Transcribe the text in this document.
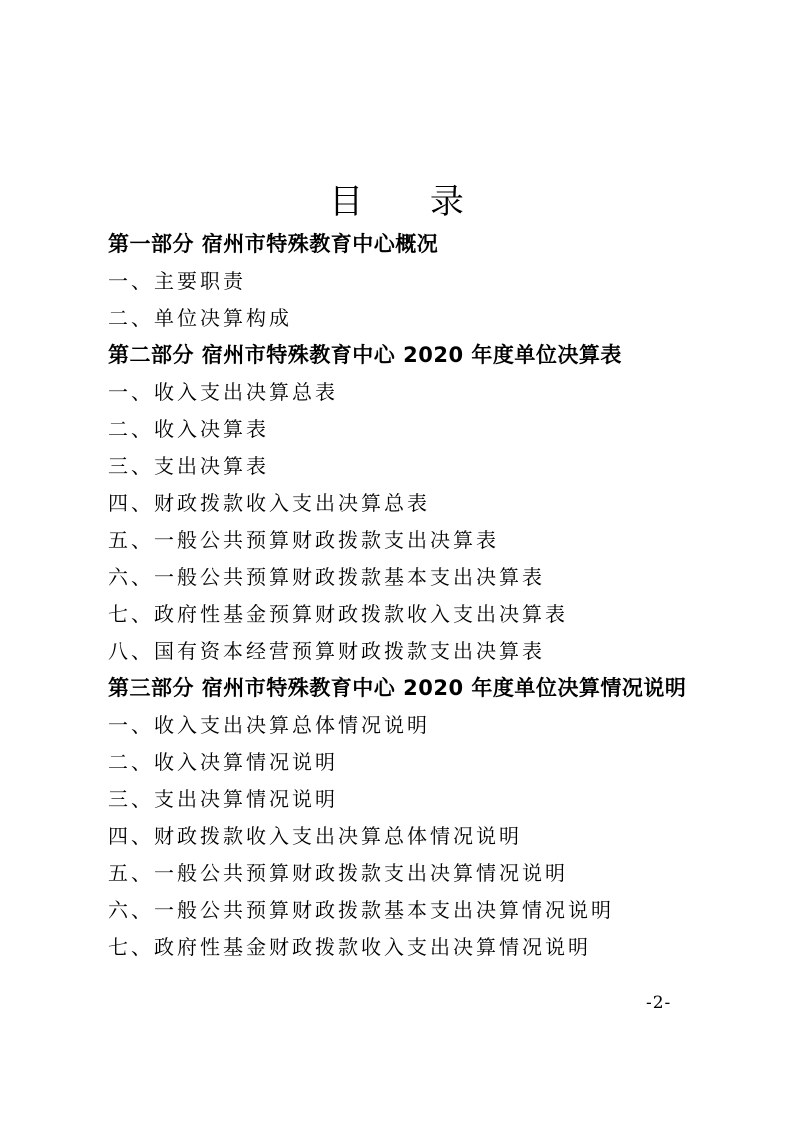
目 录
第一部分 宿州市特殊教育中心概况
一、主要职责
二、单位决算构成
第二部分 宿州市特殊教育中心 2020 年度单位决算表
一、收入支出决算总表
二、收入决算表
三、支出决算表
四、财政拨款收入支出决算总表
五、一般公共预算财政拨款支出决算表
六、一般公共预算财政拨款基本支出决算表
七、政府性基金预算财政拨款收入支出决算表
八、国有资本经营预算财政拨款支出决算表
第三部分 宿州市特殊教育中心 2020 年度单位决算情况说明
一、收入支出决算总体情况说明
二、收入决算情况说明
三、支出决算情况说明
四、财政拨款收入支出决算总体情况说明
五、一般公共预算财政拨款支出决算情况说明
六、一般公共预算财政拨款基本支出决算情况说明
七、政府性基金财政拨款收入支出决算情况说明
-2-
